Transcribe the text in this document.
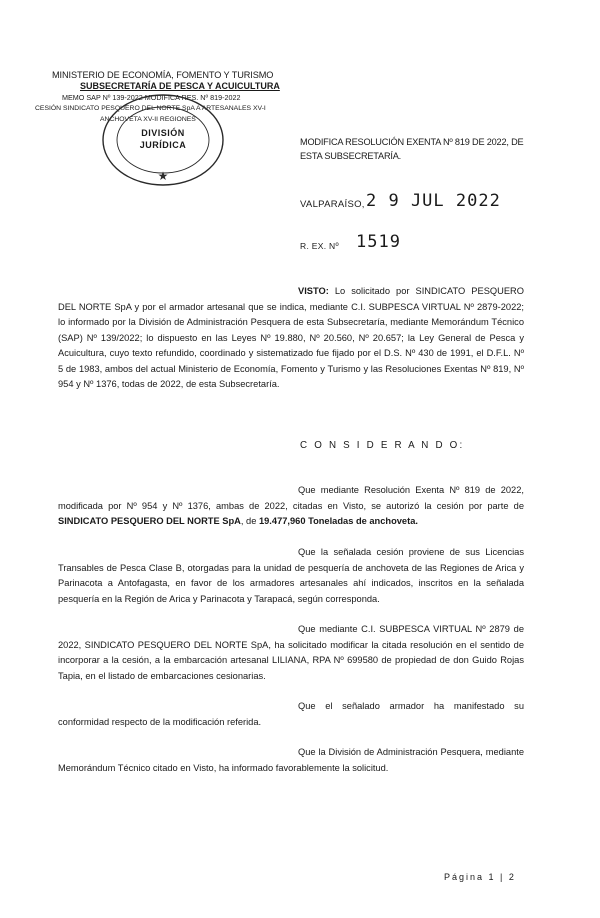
MINISTERIO DE ECONOMÍA, FOMENTO Y TURISMO
SUBSECRETARÍA DE PESCA Y ACUICULTURA
MEMO SAP Nº 139-2022 MODIFICA RES. Nº 819-2022
CESIÓN SINDICATO PESQUERO DEL NORTE SpA A ARTESANALES XV-I
ANCHOVETA XV-II REGIONES
★
DIVISIÓN
JURÍDICA	MODIFICA RESOLUCIÓN EXENTA Nº 819 DE 2022, DE ESTA SUBSECRETARÍA.
VALPARAÍSO, 2 9 JUL 2022
R. EX. Nº 1519
VISTO: Lo solicitado por SINDICATO PESQUERO DEL NORTE SpA y por el armador artesanal que se indica, mediante C.I. SUBPESCA VIRTUAL Nº 2879-2022; lo informado por la División de Administración Pesquera de esta Subsecretaría, mediante Memorándum Técnico (SAP) Nº 139/2022; lo dispuesto en las Leyes Nº 19.880, Nº 20.560, Nº 20.657; la Ley General de Pesca y Acuicultura, cuyo texto refundido, coordinado y sistematizado fue fijado por el D.S. Nº 430 de 1991, el D.F.L. Nº 5 de 1983, ambos del actual Ministerio de Economía, Fomento y Turismo y las Resoluciones Exentas Nº 819, Nº 954 y Nº 1376, todas de 2022, de esta Subsecretaría.
C O N S I D E R A N D O:
Que mediante Resolución Exenta Nº 819 de 2022, modificada por Nº 954 y Nº 1376, ambas de 2022, citadas en Visto, se autorizó la cesión por parte de SINDICATO PESQUERO DEL NORTE SpA, de 19.477,960 Toneladas de anchoveta.
Que la señalada cesión proviene de sus Licencias Transables de Pesca Clase B, otorgadas para la unidad de pesquería de anchoveta de las Regiones de Arica y Parinacota a Antofagasta, en favor de los armadores artesanales ahí indicados, inscritos en la señalada pesquería en la Región de Arica y Parinacota y Tarapacá, según corresponda.
Que mediante C.I. SUBPESCA VIRTUAL Nº 2879 de 2022, SINDICATO PESQUERO DEL NORTE SpA, ha solicitado modificar la citada resolución en el sentido de incorporar a la cesión, a la embarcación artesanal LILIANA, RPA Nº 699580 de propiedad de don Guido Rojas Tapia, en el listado de embarcaciones cesionarias.
Que el señalado armador ha manifestado su conformidad respecto de la modificación referida.
Que la División de Administración Pesquera, mediante Memorándum Técnico citado en Visto, ha informado favorablemente la solicitud.
Página 1 | 2
